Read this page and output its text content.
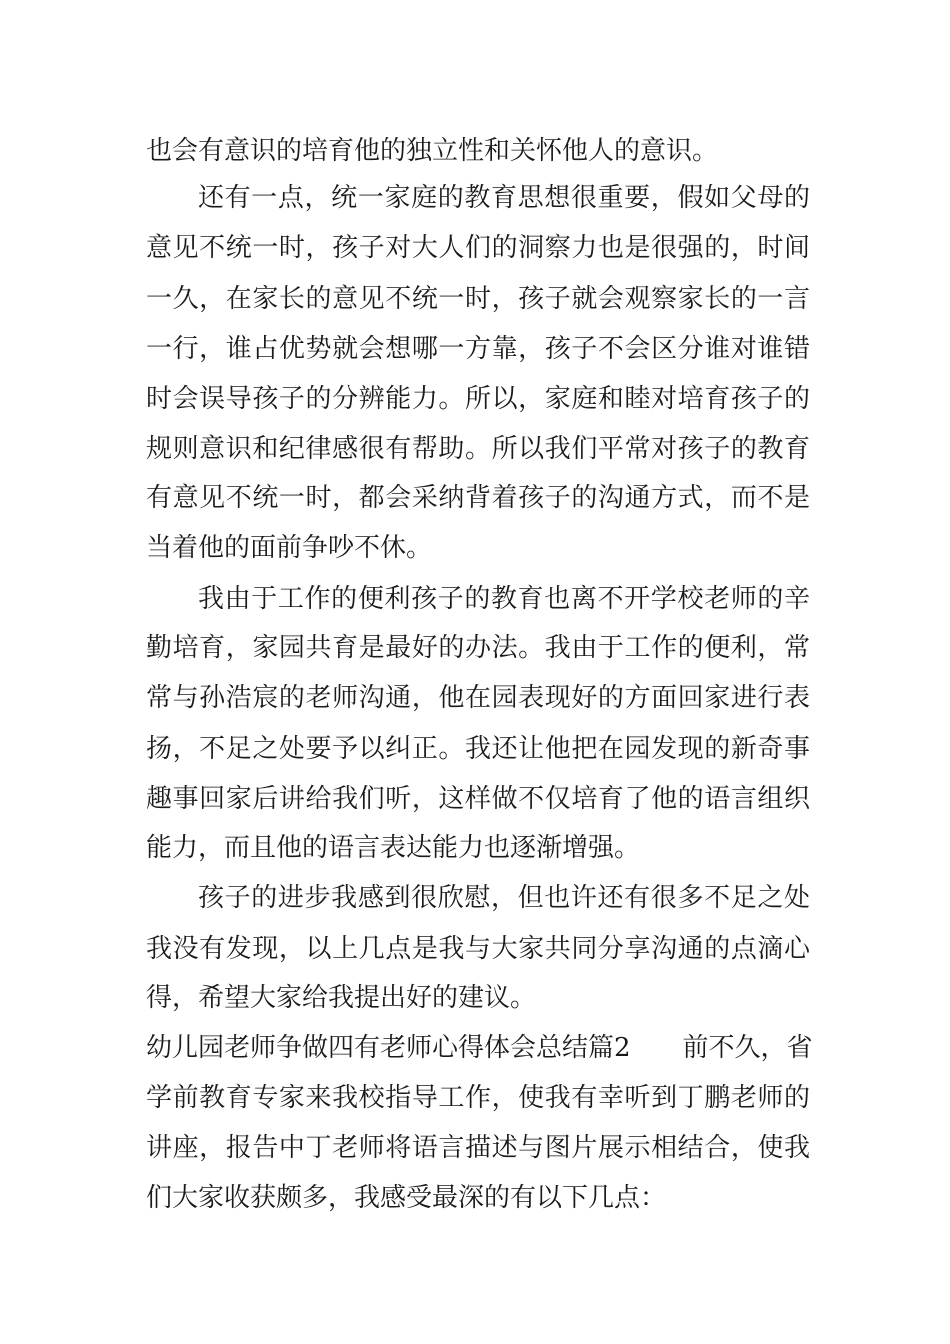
也会有意识的培育他的独立性和关怀他人的意识。
还有一点，统一家庭的教育思想很重要，假如父母的
意见不统一时，孩子对大人们的洞察力也是很强的，时间
一久，在家长的意见不统一时，孩子就会观察家长的一言
一行，谁占优势就会想哪一方靠，孩子不会区分谁对谁错
时会误导孩子的分辨能力。所以，家庭和睦对培育孩子的
规则意识和纪律感很有帮助。所以我们平常对孩子的教育
有意见不统一时，都会采纳背着孩子的沟通方式，而不是
当着他的面前争吵不休。
我由于工作的便利孩子的教育也离不开学校老师的辛
勤培育，家园共育是最好的办法。我由于工作的便利，常
常与孙浩宸的老师沟通，他在园表现好的方面回家进行表
扬，不足之处要予以纠正。我还让他把在园发现的新奇事
趣事回家后讲给我们听，这样做不仅培育了他的语言组织
能力，而且他的语言表达能力也逐渐增强。
孩子的进步我感到很欣慰，但也许还有很多不足之处
我没有发现，以上几点是我与大家共同分享沟通的点滴心
得，希望大家给我提出好的建议。
幼儿园老师争做四有老师心得体会总结篇2　　前不久，省
学前教育专家来我校指导工作，使我有幸听到丁鹏老师的
讲座，报告中丁老师将语言描述与图片展示相结合，使我
们大家收获颇多，我感受最深的有以下几点：
